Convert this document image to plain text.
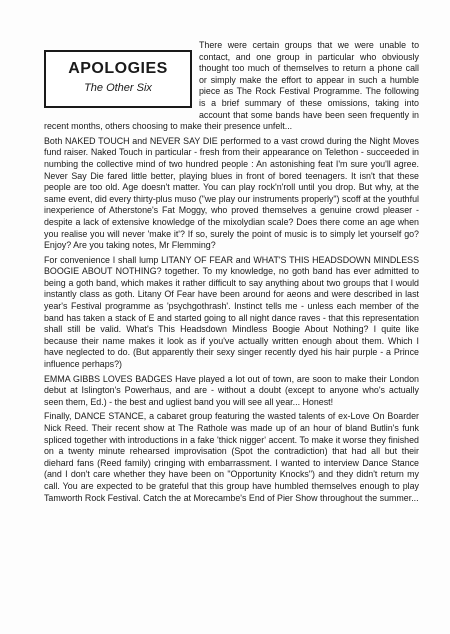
APOLOGIES
The Other Six

There were certain groups that we were unable to contact, and one group in particular who obviously thought too much of themselves to return a phone call or simply make the effort to appear in such a humble piece as The Rock Festival Programme. The following is a brief summary of these omissions, taking into account that some bands have been seen frequently in recent months, others choosing to make their presence unfelt...

Both NAKED TOUCH and NEVER SAY DIE performed to a vast crowd during the Night Moves fund raiser. Naked Touch in particular - fresh from their appearance on Telethon - succeeded in numbing the collective mind of two hundred people : An astonishing feat I'm sure you'll agree. Never Say Die fared little better, playing blues in front of bored teenagers. It isn't that these people are too old. Age doesn't matter. You can play rock'n'roll until you drop. But why, at the same event, did every thirty-plus muso ("we play our instruments properly") scoff at the youthful inexperience of Atherstone's Fat Moggy, who proved themselves a genuine crowd pleaser - despite a lack of extensive knowledge of the mixolydian scale? Does there come an age when you realise you will never 'make it'? If so, surely the point of music is to simply let yourself go? Enjoy? Are you taking notes, Mr Flemming?

For convenience I shall lump LITANY OF FEAR and WHAT'S THIS HEADSDOWN MINDLESS BOOGIE ABOUT NOTHING? together. To my knowledge, no goth band has ever admitted to being a goth band, which makes it rather difficult to say anything about two groups that I would instantly class as goth. Litany Of Fear have been around for aeons and were described in last year's Festival programme as 'psychgothrash'. Instinct tells me - unless each member of the band has taken a stack of E and started going to all night dance raves - that this representation shall still be valid. What's This Headsdown Mindless Boogie About Nothing? I quite like because their name makes it look as if you've actually written enough about them. Which I have neglected to do. (But apparently their sexy singer recently dyed his hair purple - a Prince influence perhaps?)

EMMA GIBBS LOVES BADGES Have played a lot out of town, are soon to make their London debut at Islington's Powerhaus, and are - without a doubt (except to anyone who's actually seen them, Ed.) - the best and ugliest band you will see all year... Honest!

Finally, DANCE STANCE, a cabaret group featuring the wasted talents of ex-Love On Boarder Nick Reed. Their recent show at The Rathole was made up of an hour of bland Butlin's funk spliced together with introductions in a fake 'thick nigger' accent. To make it worse they finished on a twenty minute rehearsed improvisation (Spot the contradiction) that had all but their diehard fans (Reed family) cringing with embarrassment. I wanted to interview Dance Stance (and I don't care whether they have been on "Opportunity Knocks") and they didn't return my call. You are expected to be grateful that this group have humbled themselves enough to play Tamworth Rock Festival. Catch the at Morecambe's End of Pier Show throughout the summer...
